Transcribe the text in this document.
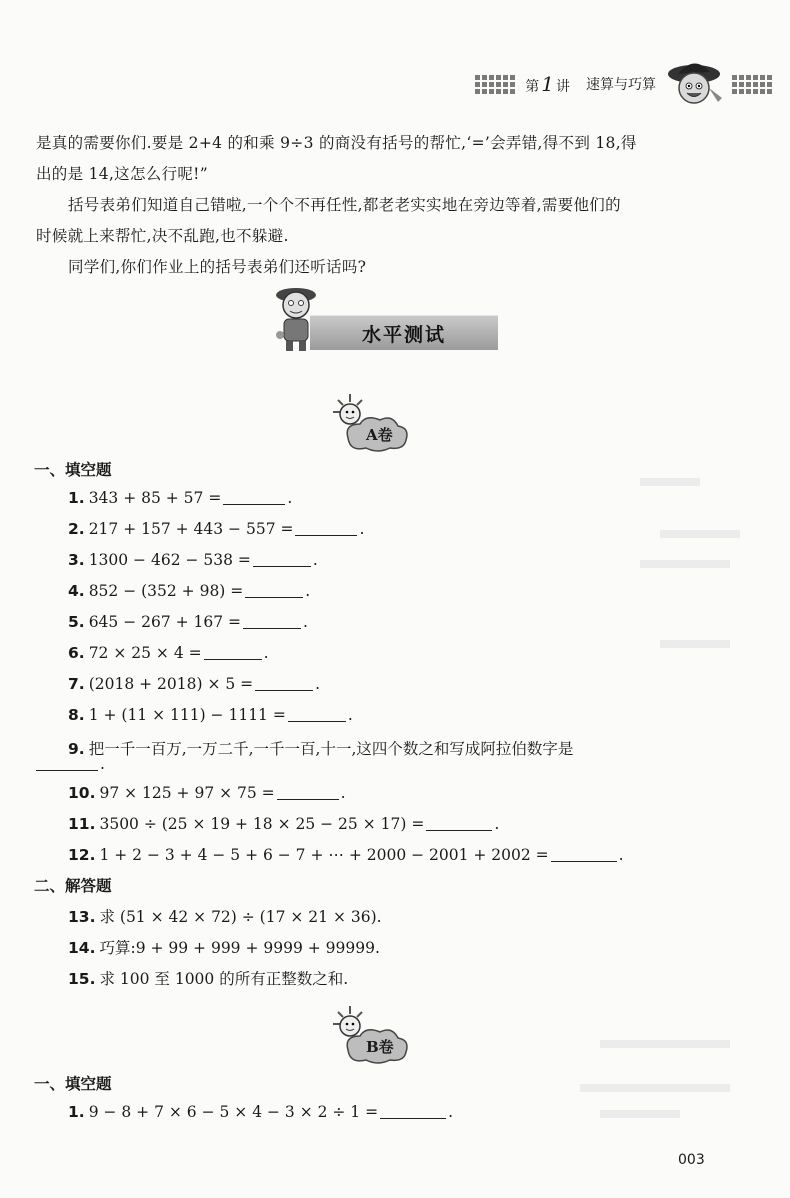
第 1 讲 速算与巧算

是真的需要你们.要是 2+4 的和乘 9÷3 的商没有括号的帮忙,‘=’会弄错,得不到 18,得

出的是 14,这怎么行呢!”

括号表弟们知道自己错啦,一个个不再任性,都老老实实地在旁边等着,需要他们的

时候就上来帮忙,决不乱跑,也不躲避.

同学们,你们作业上的括号表弟们还听话吗?

水平测试
A卷
一、填空题
1. 343 + 85 + 57 =	.
2. 217 + 157 + 443 − 557 =	.
3. 1300 − 462 − 538 =	.
4. 852 − (352 + 98) =	.
5. 645 − 267 + 167 =	.
6. 72 × 25 × 4 =	.
7. (2018 + 2018) × 5 =	.
8. 1 + (11 × 111) − 1111 =	.
9. 把一千一百万,一万二千,一千一百,十一,这四个数之和写成阿拉伯数字是
.
10. 97 × 125 + 97 × 75 =	.
11. 3500 ÷ (25 × 19 + 18 × 25 − 25 × 17) =	.
12. 1 + 2 − 3 + 4 − 5 + 6 − 7 + ⋯ + 2000 − 2001 + 2002 =	.
二、解答题
13. 求 (51 × 42 × 72) ÷ (17 × 21 × 36).
14. 巧算:9 + 99 + 999 + 9999 + 99999.
15. 求 100 至 1000 的所有正整数之和.
B卷
一、填空题
1. 9 − 8 + 7 × 6 − 5 × 4 − 3 × 2 ÷ 1 =	.
003
